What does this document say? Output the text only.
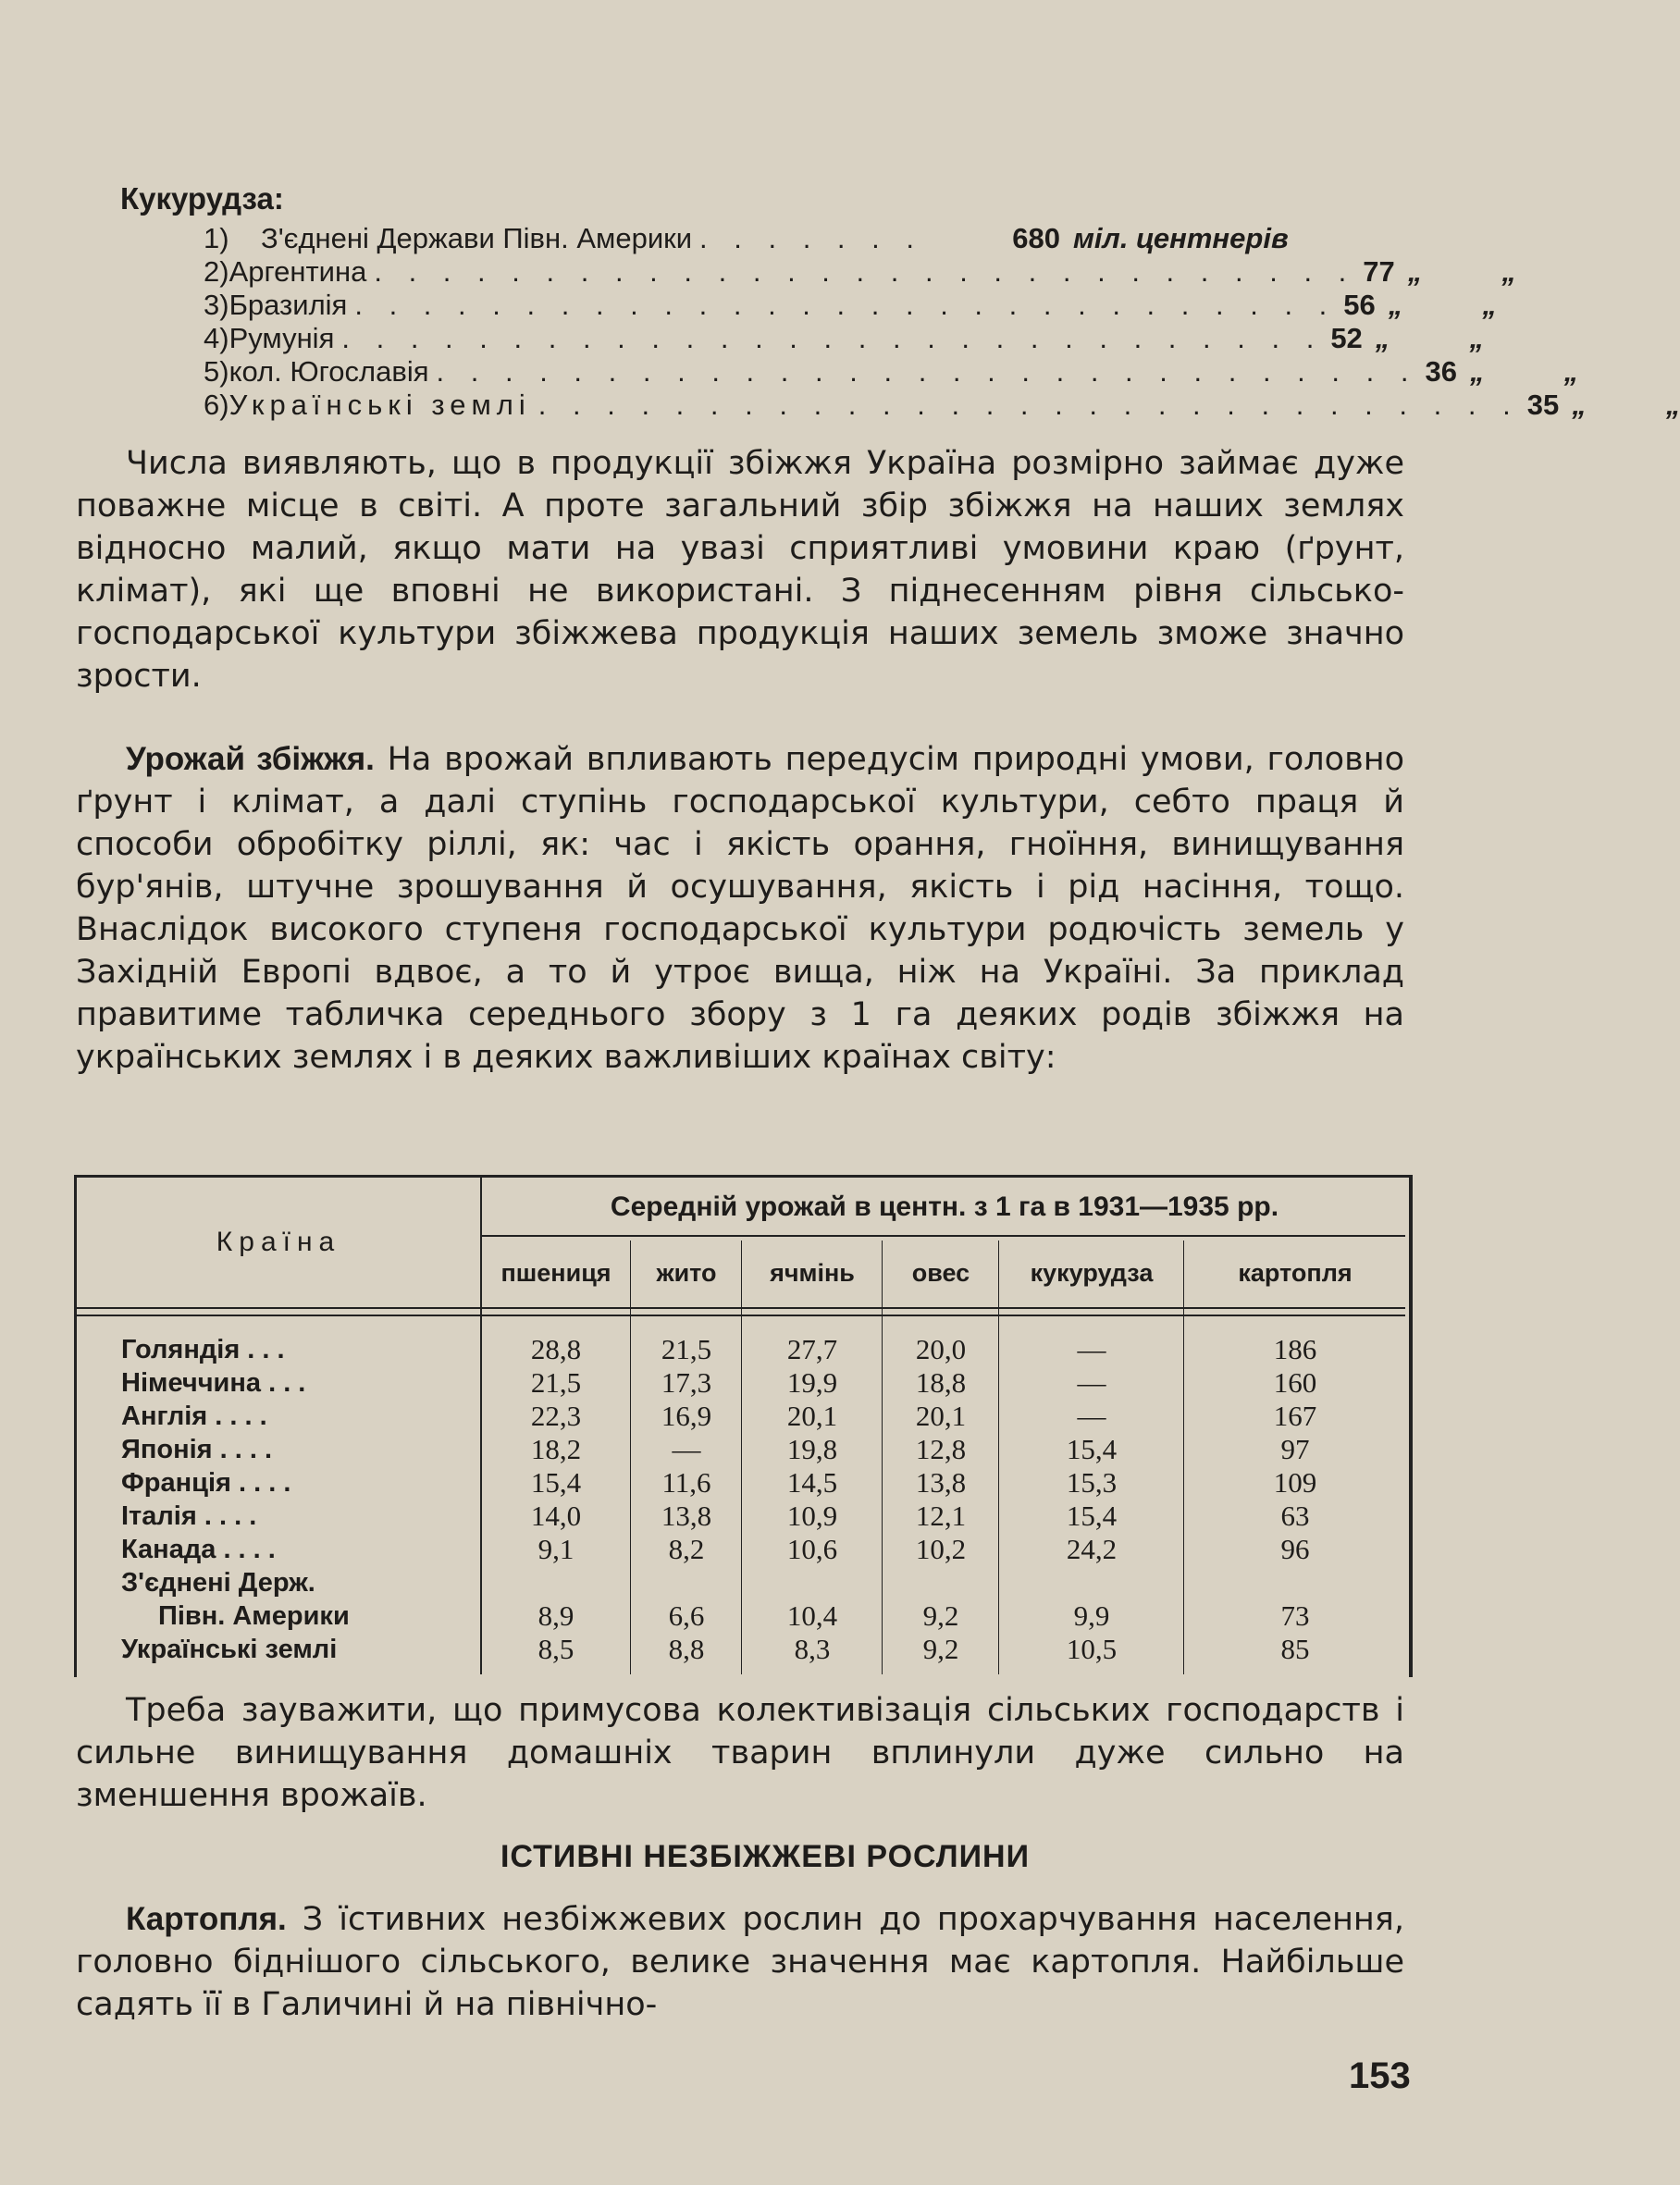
Кукурудза:
1)	З'єднені Держави Півн. Америки . . . . . . .	680 міл. центнерів
2) Аргентина . . . . . . . . . . . . . . . . . . . . . . . . . . . . . 77 „	„
3) Бразилія . . . . . . . . . . . . . . . . . . . . . . . . . . . . . 56 „	„
4) Румунія . . . . . . . . . . . . . . . . . . . . . . . . . . . . . 52 „	„
5) кол. Югославія . . . . . . . . . . . . . . . . . . . . . . . . . . . . . 36 „	„
6) Українські землі . . . . . . . . . . . . . . . . . . . . . . . . . . . . . 35 „	„

Числа виявляють, що в продукції збіжжя Україна розмірно займає дуже поважне місце в світі. А проте загальний збір збіжжя на наших землях відносно малий, якщо мати на увазі сприятливі умовини краю (ґрунт, клімат), які ще вповні не використані. З піднесенням рівня сільсько-господарської культури збіжжева продукція наших земель зможе значно зрости.

Урожай збіжжя. На врожай впливають передусім природні умови, головно ґрунт і клімат, а далі ступінь господарської культури, себто праця й способи обробітку ріллі, як: час і якість орання, гноїння, винищування бур'янів, штучне зрошування й осушування, якість і рід насіння, тощо. Внаслідок високого ступеня господарської культури родючість земель у Західній Европі вдвоє, а то й утроє вища, ніж на Україні. За приклад правитиме табличка середнього збору з 1 га деяких родів збіжжя на українських землях і в деяких важливіших країнах світу:

Країна
Середній урожай в центн. з 1 га в 1931—1935 рр.
пшениця	жито	ячмінь	овес	кукурудза	картопля
Голяндія . . .	28,8	21,5	27,7	20,0	—	186
Німеччина . . .	21,5	17,3	19,9	18,8	—	160
Англія . . . .	22,3	16,9	20,1	20,1	—	167
Японія . . . .	18,2	—	19,8	12,8	15,4	97
Франція . . . .	15,4	11,6	14,5	13,8	15,3	109
Італія . . . .	14,0	13,8	10,9	12,1	15,4	63
Канада . . . .	9,1	8,2	10,6	10,2	24,2	96
З'єднені Держ.
Півн. Америки	8,9	6,6	10,4	9,2	9,9	73
Українські землі	8,5	8,8	8,3	9,2	10,5	85

Треба зауважити, що примусова колективізація сільських господарств і сильне винищування домашніх тварин вплинули дуже сильно на зменшення врожаїв.

ІСТИВНІ НЕЗБІЖЖЕВІ РОСЛИНИ

Картопля. З їстивних незбіжжевих рослин до прохарчування населення, головно біднішого сільського, велике значення має картопля. Найбільше садять її в Галичині й на північно-

153
